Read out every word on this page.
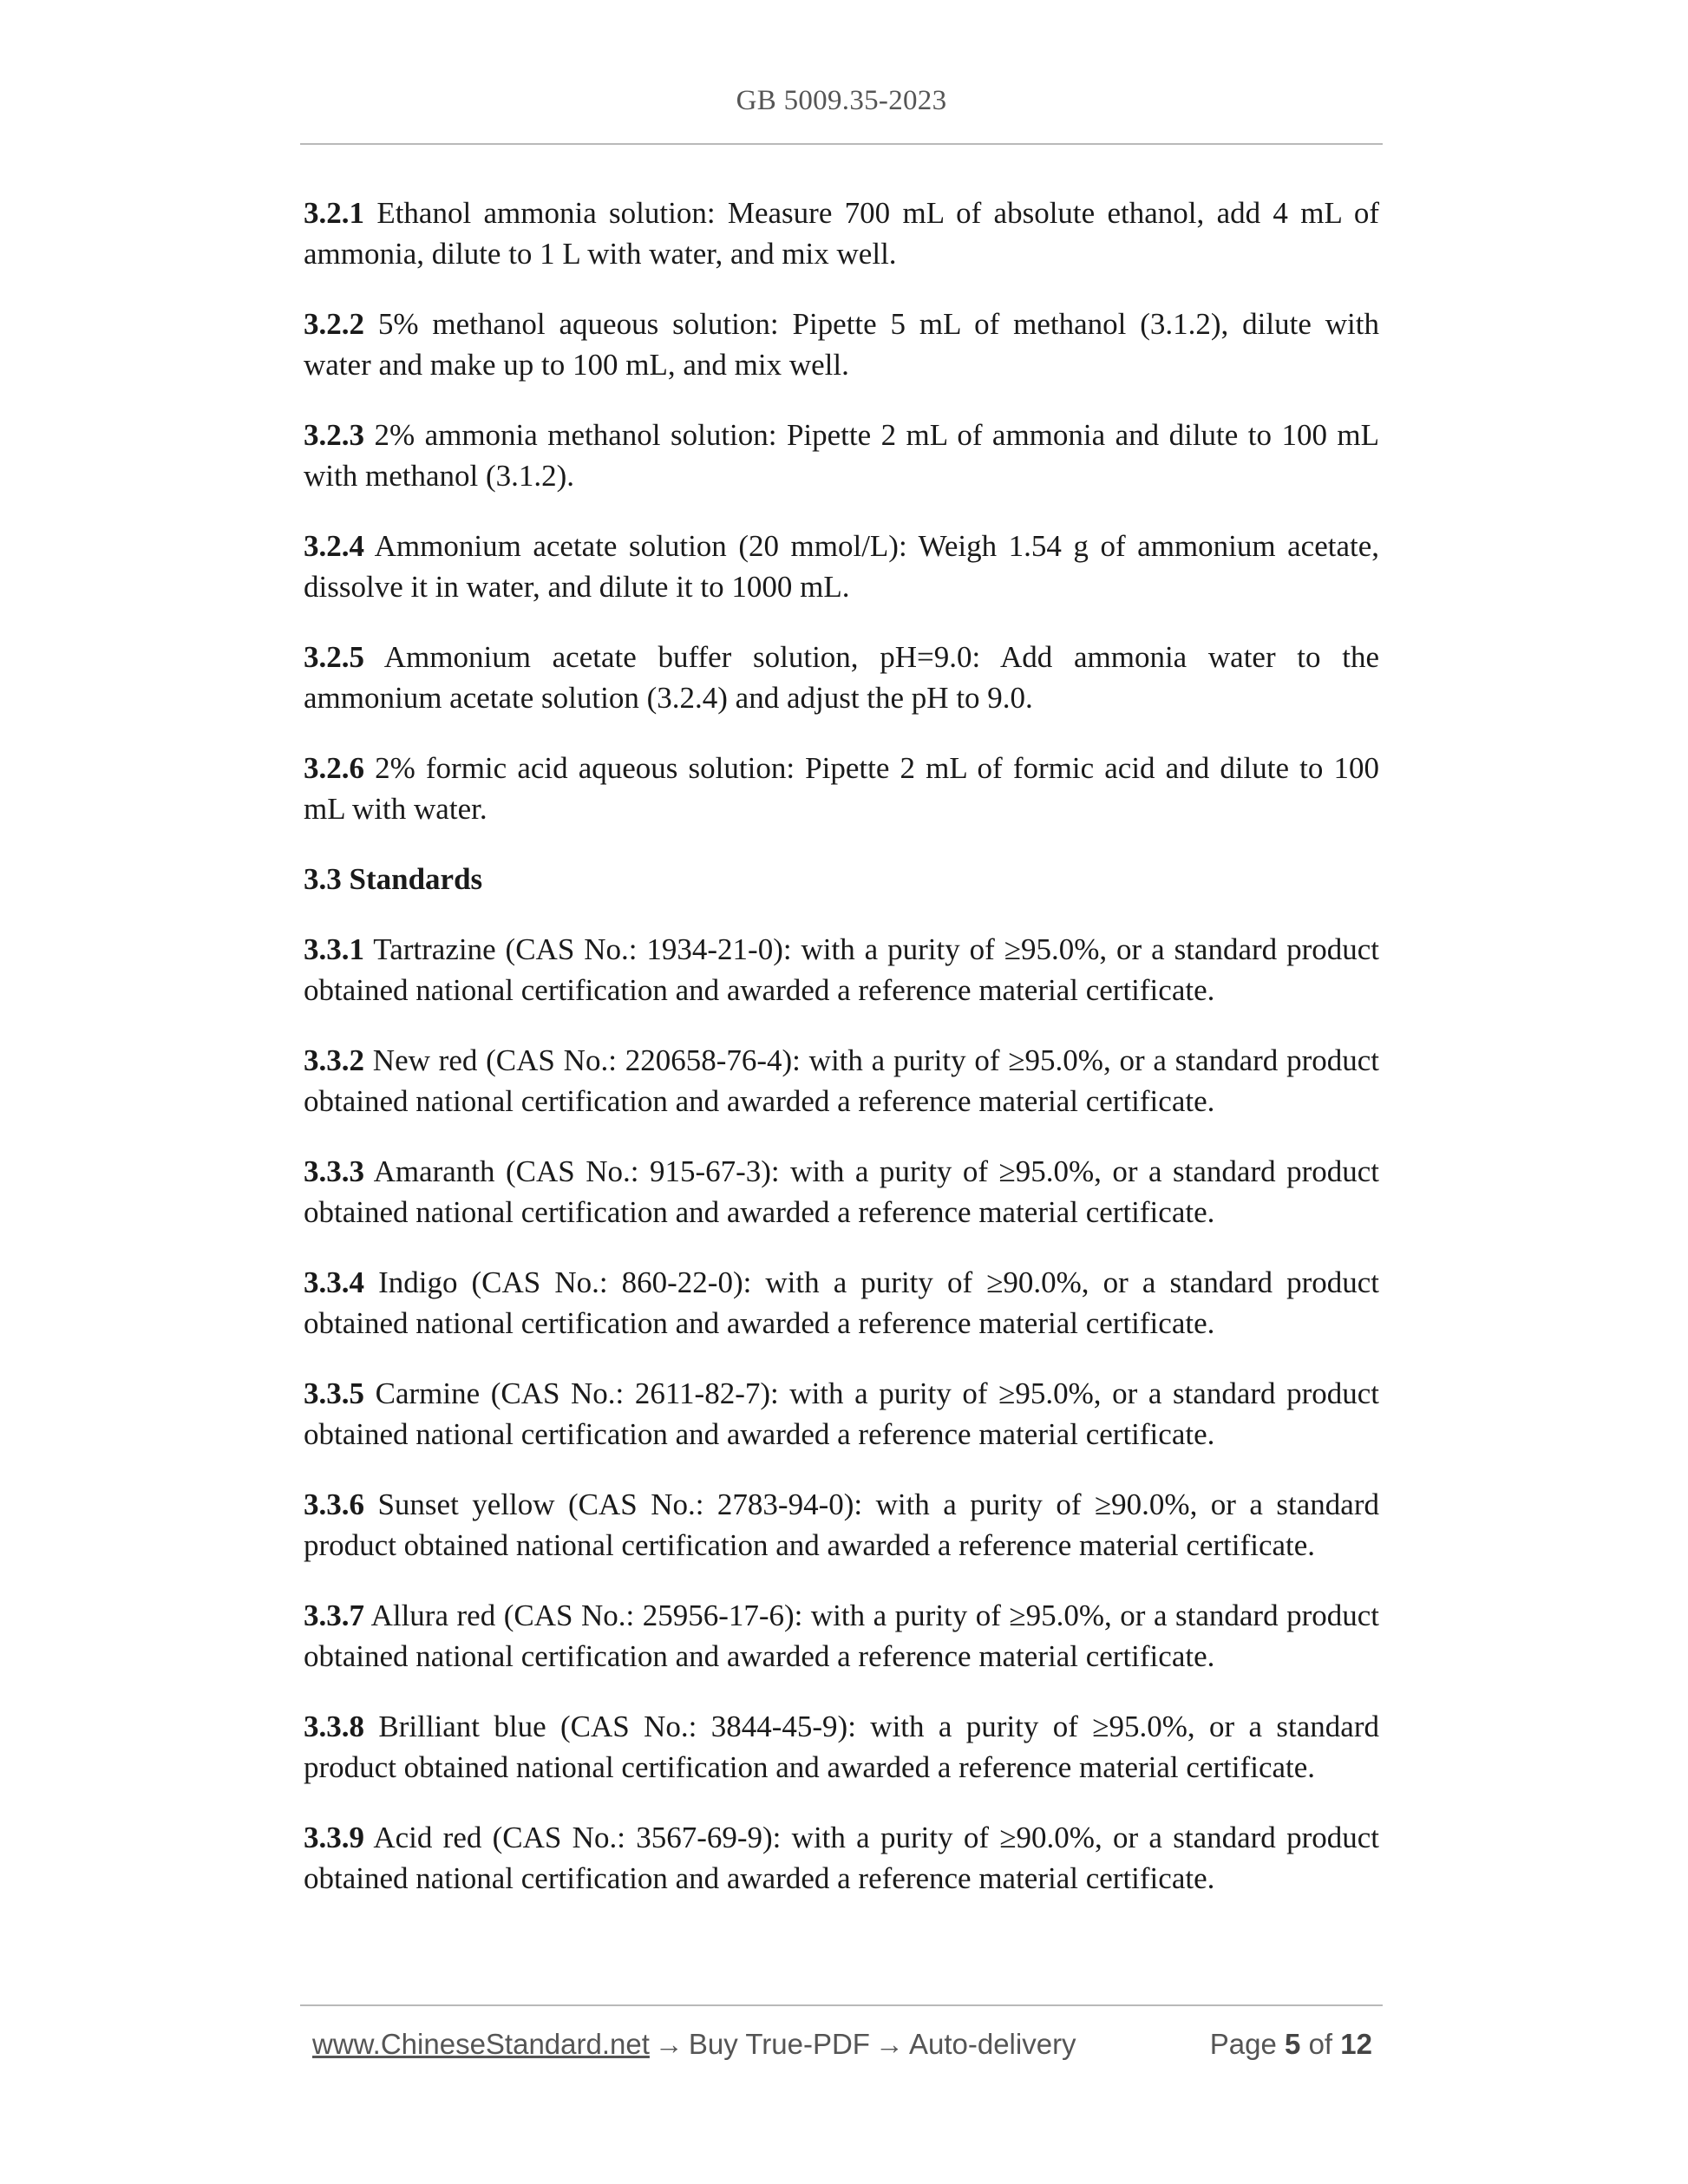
GB 5009.35-2023

3.2.1 Ethanol ammonia solution: Measure 700 mL of absolute ethanol, add 4 mL of ammonia, dilute to 1 L with water, and mix well.

3.2.2 5% methanol aqueous solution: Pipette 5 mL of methanol (3.1.2), dilute with water and make up to 100 mL, and mix well.

3.2.3 2% ammonia methanol solution: Pipette 2 mL of ammonia and dilute to 100 mL with methanol (3.1.2).

3.2.4 Ammonium acetate solution (20 mmol/L): Weigh 1.54 g of ammonium acetate, dissolve it in water, and dilute it to 1000 mL.

3.2.5 Ammonium acetate buffer solution, pH=9.0: Add ammonia water to the ammonium acetate solution (3.2.4) and adjust the pH to 9.0.

3.2.6 2% formic acid aqueous solution: Pipette 2 mL of formic acid and dilute to 100 mL with water.

3.3 Standards

3.3.1 Tartrazine (CAS No.: 1934-21-0): with a purity of ≥95.0%, or a standard product obtained national certification and awarded a reference material certificate.

3.3.2 New red (CAS No.: 220658-76-4): with a purity of ≥95.0%, or a standard product obtained national certification and awarded a reference material certificate.

3.3.3 Amaranth (CAS No.: 915-67-3): with a purity of ≥95.0%, or a standard product obtained national certification and awarded a reference material certificate.

3.3.4 Indigo (CAS No.: 860-22-0): with a purity of ≥90.0%, or a standard product obtained national certification and awarded a reference material certificate.

3.3.5 Carmine (CAS No.: 2611-82-7): with a purity of ≥95.0%, or a standard product obtained national certification and awarded a reference material certificate.

3.3.6 Sunset yellow (CAS No.: 2783-94-0): with a purity of ≥90.0%, or a standard product obtained national certification and awarded a reference material certificate.

3.3.7 Allura red (CAS No.: 25956-17-6): with a purity of ≥95.0%, or a standard product obtained national certification and awarded a reference material certificate.

3.3.8 Brilliant blue (CAS No.: 3844-45-9): with a purity of ≥95.0%, or a standard product obtained national certification and awarded a reference material certificate.

3.3.9 Acid red (CAS No.: 3567-69-9): with a purity of ≥90.0%, or a standard product obtained national certification and awarded a reference material certificate.

www.ChineseStandard.net → Buy True-PDF → Auto-delivery	Page 5 of 12
